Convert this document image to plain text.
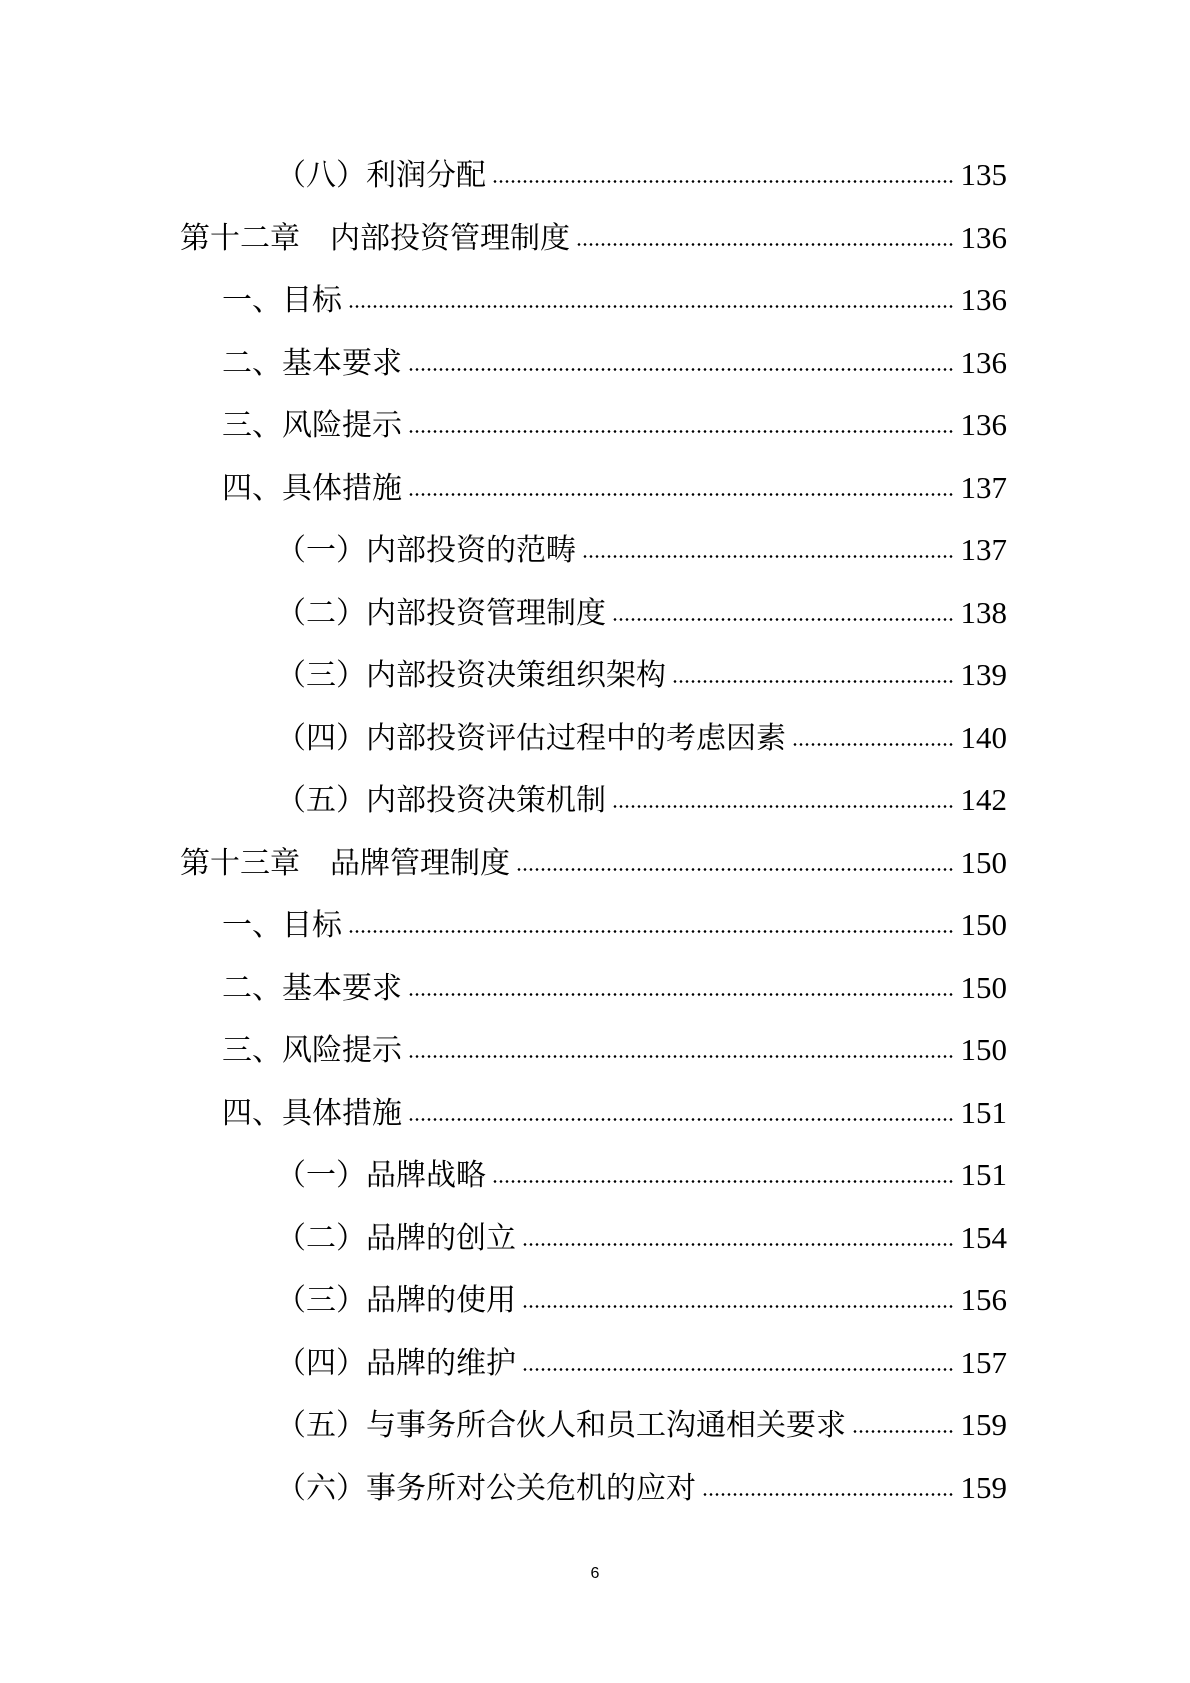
（八）利润分配	135
第十二章　内部投资管理制度	136
一、目标	136
二、基本要求	136
三、风险提示	136
四、具体措施	137
（一）内部投资的范畴	137
（二）内部投资管理制度	138
（三）内部投资决策组织架构	139
（四）内部投资评估过程中的考虑因素	140
（五）内部投资决策机制	142
第十三章　品牌管理制度	150
一、目标	150
二、基本要求	150
三、风险提示	150
四、具体措施	151
（一）品牌战略	151
（二）品牌的创立	154
（三）品牌的使用	156
（四）品牌的维护	157
（五）与事务所合伙人和员工沟通相关要求	159
（六）事务所对公关危机的应对	159
6
